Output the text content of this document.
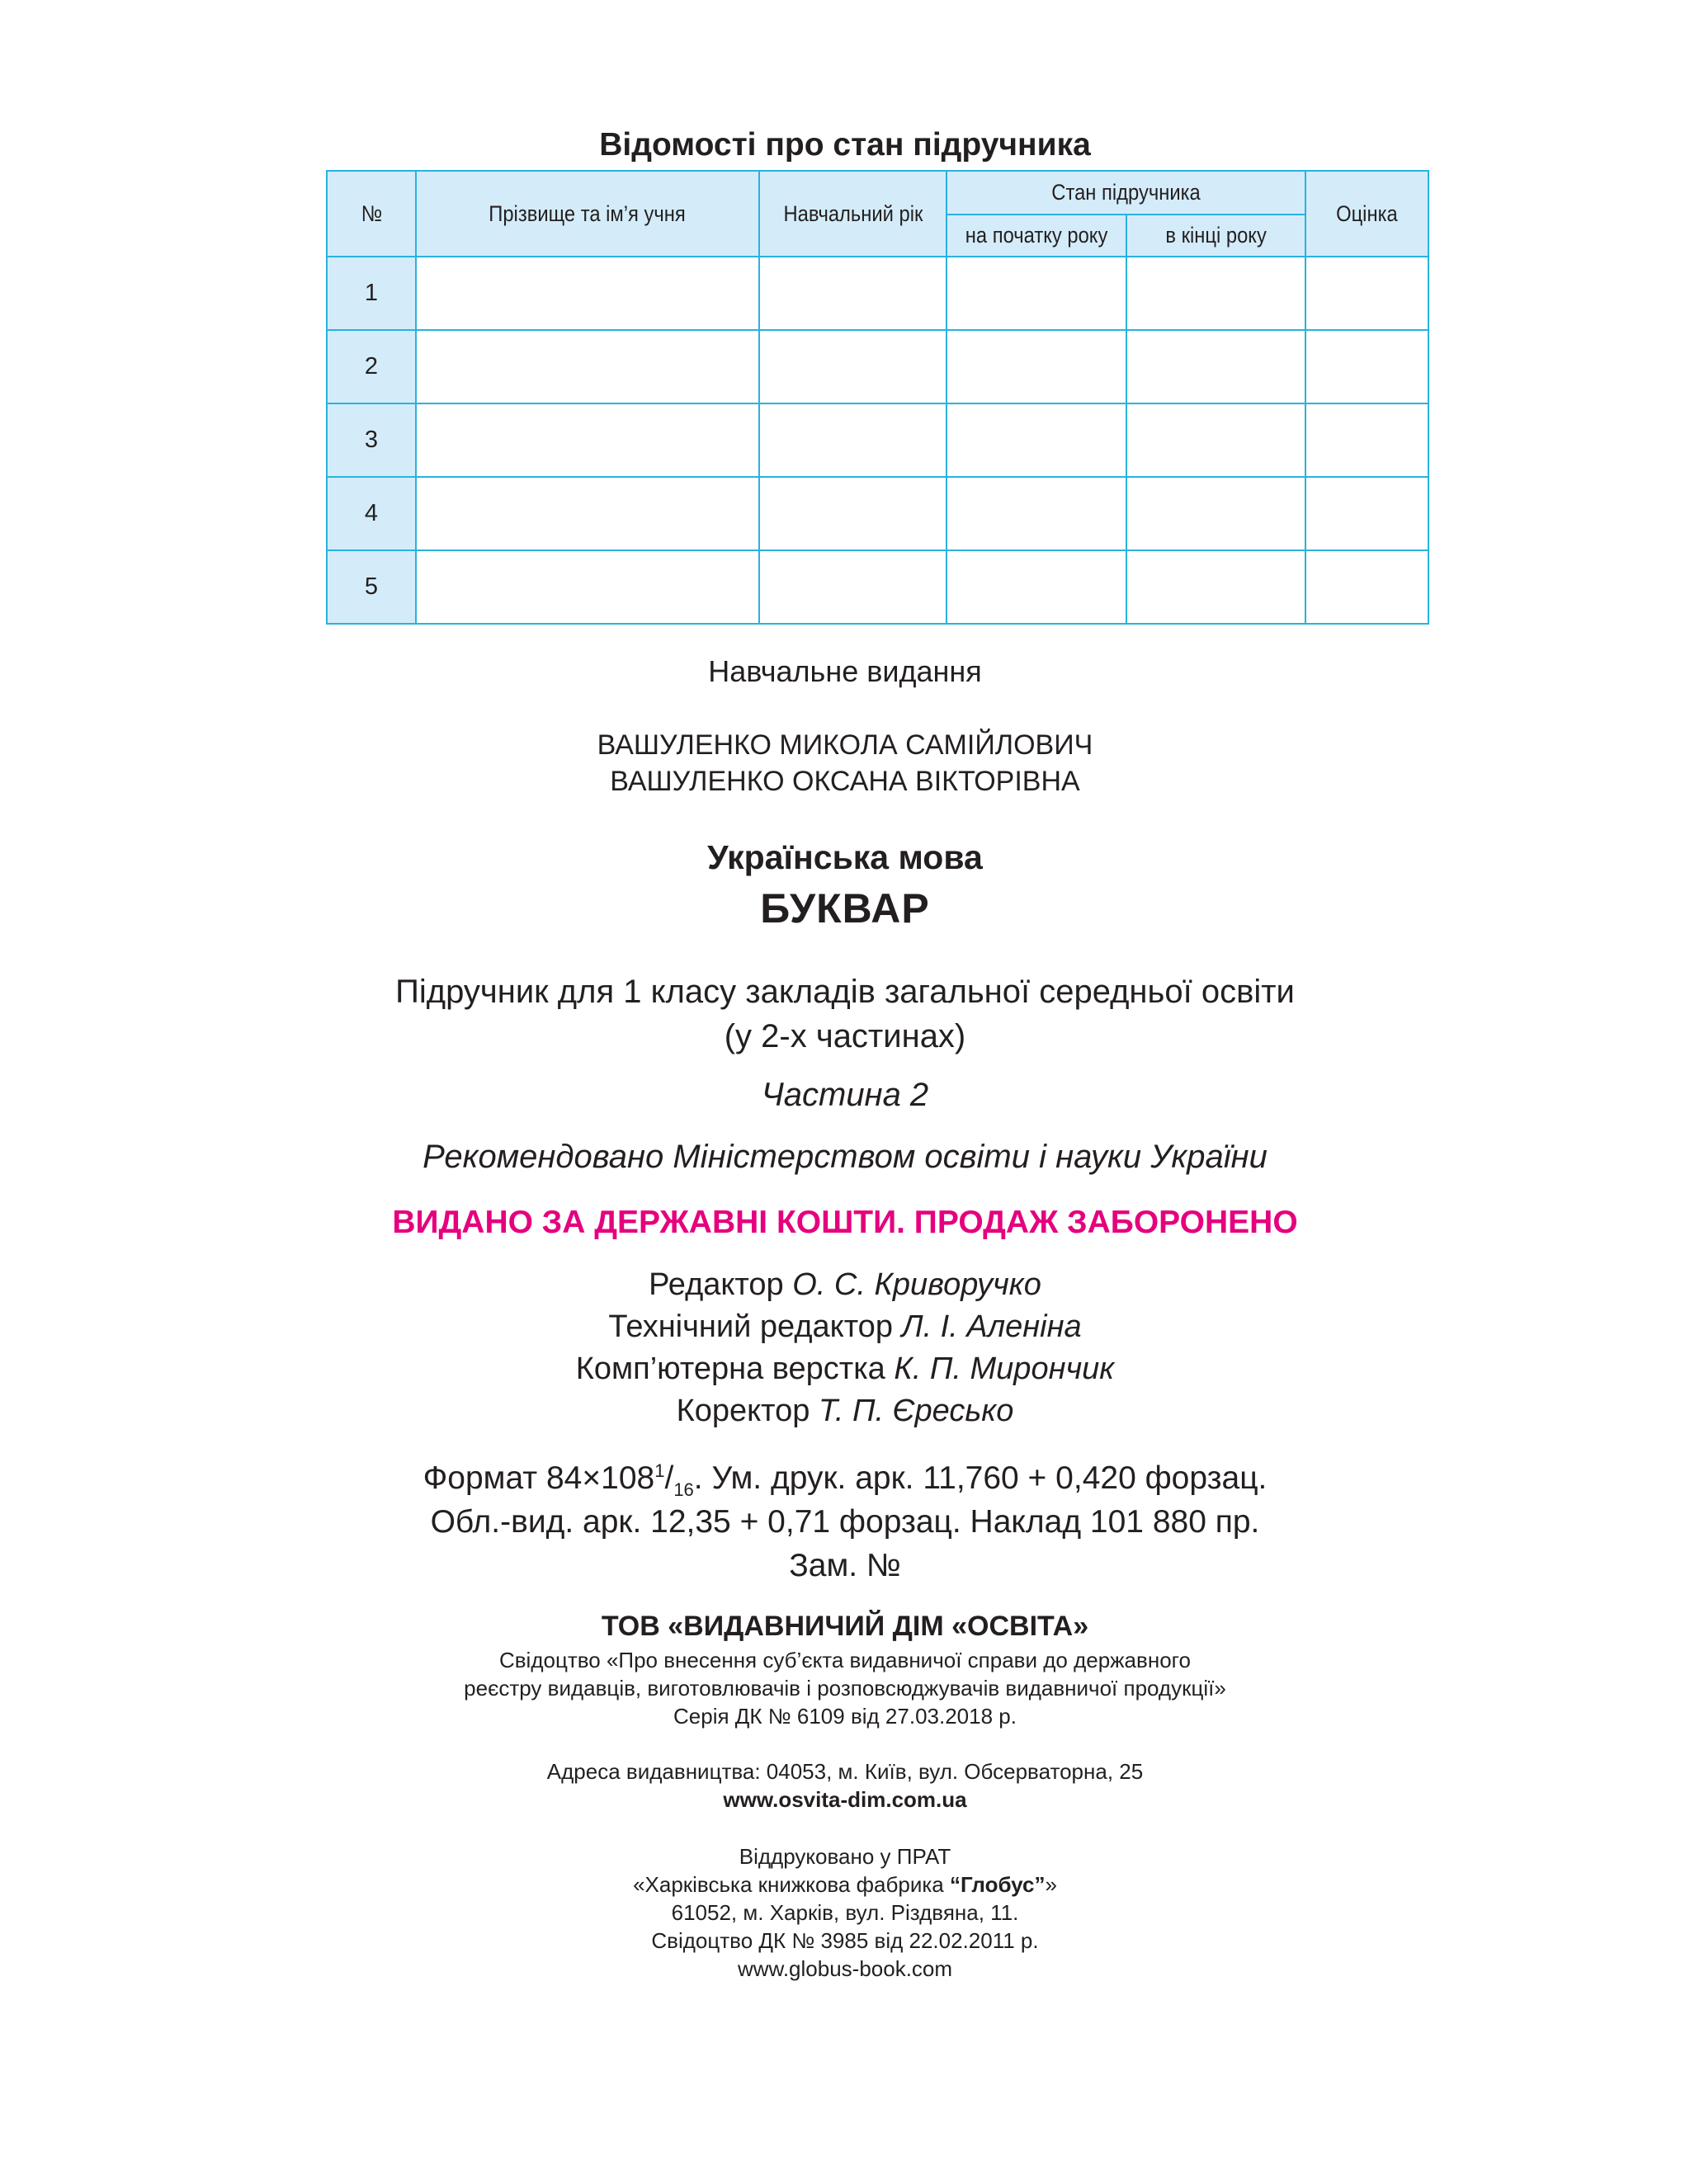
Відомості про стан підручника
№	Прізвище та ім’я учня	Навчальний рік	Стан підручника		Оцінка
			на початку року	в кінці року	
1					
2					
3					
4					
5					
Навчальне видання
ВАШУЛЕНКО МИКОЛА САМІЙЛОВИЧ
ВАШУЛЕНКО ОКСАНА ВІКТОРІВНА
Українська мова
БУКВАР
Підручник для 1 класу закладів загальної середньої освіти
(у 2-х частинах)
Частина 2
Рекомендовано Міністерством освіти і науки України
ВИДАНО ЗА ДЕРЖАВНІ КОШТИ. ПРОДАЖ ЗАБОРОНЕНО
Редактор О. С. Криворучко
Технічний редактор Л. І. Аленіна
Комп’ютерна верстка К. П. Мирончик
Коректор Т. П. Єресько
Формат $84\times 108^1/_{16}$. Ум. друк. арк. 11,760 + 0,420 форзац.
Обл.-вид. арк. 12,35 + 0,71 форзац. Наклад 101 880 пр.
Зам. №
ТОВ «ВИДАВНИЧИЙ ДІМ «ОСВІТА»
Свідоцтво «Про внесення суб’єкта видавничої справи до державного
реєстру видавців, виготовлювачів і розповсюджувачів видавничої продукції»
Серія ДК № 6109 від 27.03.2018 р.
Адреса видавництва: 04053, м. Київ, вул. Обсерваторна, 25
www.osvita-dim.com.ua
Віддруковано у ПРАТ
«Харківська книжкова фабрика “Глобус”»
61052, м. Харків, вул. Різдвяна, 11.
Свідоцтво ДК № 3985 від 22.02.2011 р.
www.globus-book.com
